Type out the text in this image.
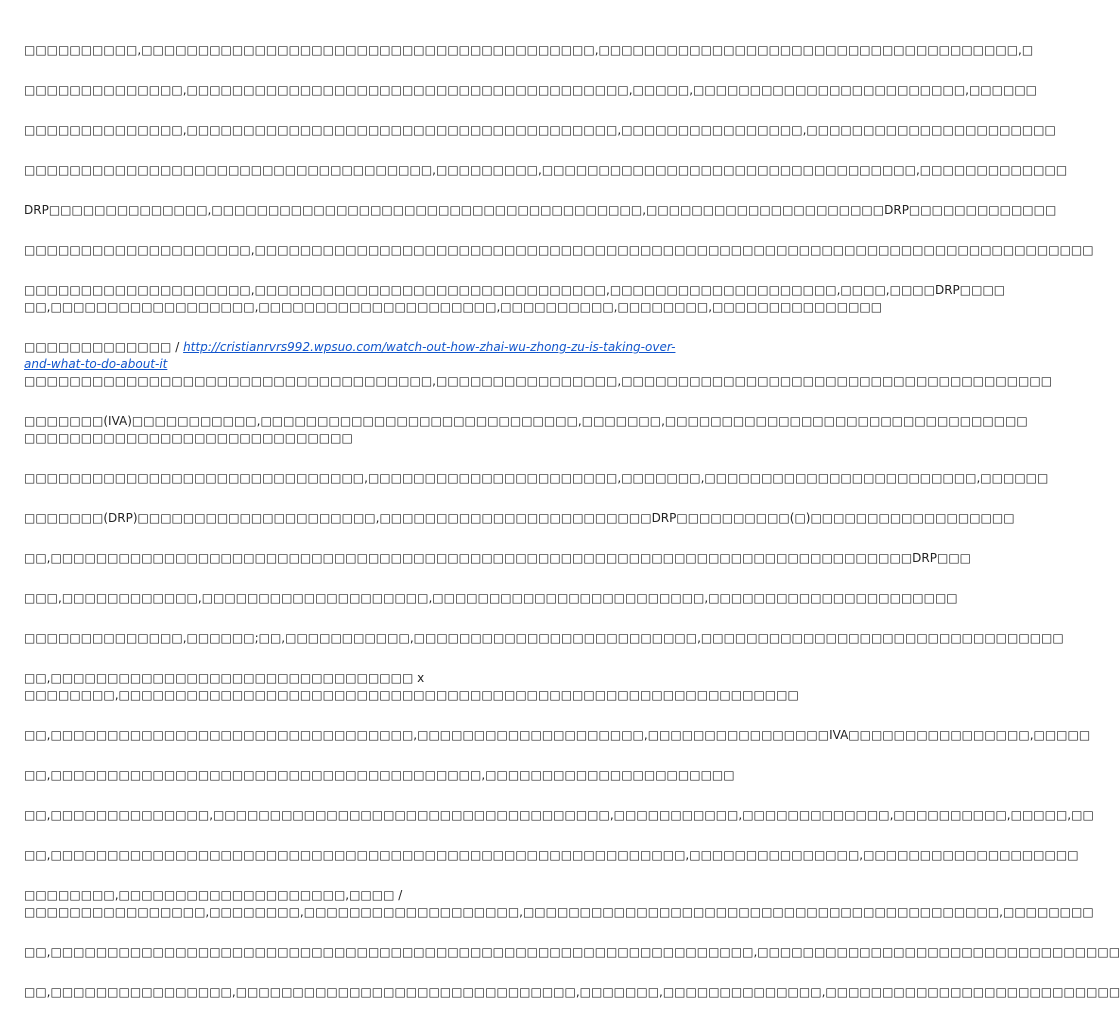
□□□□□□□□□□,□□□□□□□□□□□□□□□□□□□□□□□□□□□□□□□□□□□□□□□□,□□□□□□□□□□□□□□□□□□□□□□□□□□□□□□□□□□□□□,□

□□□□□□□□□□□□□□,□□□□□□□□□□□□□□□□□□□□□□□□□□□□□□□□□□□□□□□,□□□□□,□□□□□□□□□□□□□□□□□□□□□□□□,□□□□□□

□□□□□□□□□□□□□□,□□□□□□□□□□□□□□□□□□□□□□□□□□□□□□□□□□□□□□,□□□□□□□□□□□□□□□□,□□□□□□□□□□□□□□□□□□□□□□

□□□□□□□□□□□□□□□□□□□□□□□□□□□□□□□□□□□□,□□□□□□□□□,□□□□□□□□□□□□□□□□□□□□□□□□□□□□□□□□□,□□□□□□□□□□□□□

DRP□□□□□□□□□□□□□□,□□□□□□□□□□□□□□□□□□□□□□□□□□□□□□□□□□□□□□,□□□□□□□□□□□□□□□□□□□□□DRP□□□□□□□□□□□□□

□□□□□□□□□□□□□□□□□□□□,□□□□□□□□□□□□□□□□□□□□□□□□□□□□□□□□□□□□□□□□□□□□□□□□□□□□□□□□□□□□□□□□□□□□□□□□□□

□□□□□□□□□□□□□□□□□□□□,□□□□□□□□□□□□□□□□□□□□□□□□□□□□□□□,□□□□□□□□□□□□□□□□□□□□,□□□□,□□□□DRP□□□□
□□,□□□□□□□□□□□□□□□□□□,□□□□□□□□□□□□□□□□□□□□□,□□□□□□□□□□,□□□□□□□□,□□□□□□□□□□□□□□□

□□□□□□□□□□□□□ / http://cristianrvrs992.wpsuo.com/watch-out-how-zhai-wu-zhong-zu-is-taking-over-and-what-to-do-about-it
□□□□□□□□□□□□□□□□□□□□□□□□□□□□□□□□□□□□,□□□□□□□□□□□□□□□□,□□□□□□□□□□□□□□□□□□□□□□□□□□□□□□□□□□□□□□

□□□□□□□(IVA)□□□□□□□□□□□,□□□□□□□□□□□□□□□□□□□□□□□□□□□□,□□□□□□□,□□□□□□□□□□□□□□□□□□□□□□□□□□□□□□□□
□□□□□□□□□□□□□□□□□□□□□□□□□□□□□

□□□□□□□□□□□□□□□□□□□□□□□□□□□□□□,□□□□□□□□□□□□□□□□□□□□□□,□□□□□□□,□□□□□□□□□□□□□□□□□□□□□□□□,□□□□□□

□□□□□□□(DRP)□□□□□□□□□□□□□□□□□□□□□,□□□□□□□□□□□□□□□□□□□□□□□□DRP□□□□□□□□□□(□)□□□□□□□□□□□□□□□□□□

□□,□□□□□□□□□□□□□□□□□□□□□□□□□□□□□□□□□□□□□□□□□□□□□□□□□□□□□□□□□□□□□□□□□□□□□□□□□□□□DRP□□□

□□□,□□□□□□□□□□□□,□□□□□□□□□□□□□□□□□□□□,□□□□□□□□□□□□□□□□□□□□□□□□,□□□□□□□□□□□□□□□□□□□□□□

□□□□□□□□□□□□□□,□□□□□□;□□,□□□□□□□□□□□,□□□□□□□□□□□□□□□□□□□□□□□□□,□□□□□□□□□□□□□□□□□□□□□□□□□□□□□□□□

□□,□□□□□□□□□□□□□□□□□□□□□□□□□□□□□□□□ x
□□□□□□□□,□□□□□□□□□□□□□□□□□□□□□□□□□□□□□□□□□□□□□□□□□□□□□□□□□□□□□□□□□□□□

□□,□□□□□□□□□□□□□□□□□□□□□□□□□□□□□□□□,□□□□□□□□□□□□□□□□□□□□,□□□□□□□□□□□□□□□□IVA□□□□□□□□□□□□□□□□,□□□□□

□□,□□□□□□□□□□□□□□□□□□□□□□□□□□□□□□□□□□□□□□,□□□□□□□□□□□□□□□□□□□□□□

□□,□□□□□□□□□□□□□□,□□□□□□□□□□□□□□□□□□□□□□□□□□□□□□□□□□□,□□□□□□□□□□□,□□□□□□□□□□□□□,□□□□□□□□□□,□□□□□,□□

□□,□□□□□□□□□□□□□□□□□□□□□□□□□□□□□□□□□□□□□□□□□□□□□□□□□□□□□□□□,□□□□□□□□□□□□□□□,□□□□□□□□□□□□□□□□□□□

□□□□□□□□,□□□□□□□□□□□□□□□□□□□□,□□□□ /
□□□□□□□□□□□□□□□□,□□□□□□□□,□□□□□□□□□□□□□□□□□□□,□□□□□□□□□□□□□□□□□□□□□□□□□□□□□□□□□□□□□□□□□□,□□□□□□□□

□□,□□□□□□□□□□□□□□□□□□□□□□□□□□□□□□□□□□□□□□□□□□□□□□□□□□□□□□□□□□□□□□,□□□□□□□□□□□□□□□□□□□□□□□□□□□□□□□□

□□,□□□□□□□□□□□□□□□□,□□□□□□□□□□□□□□□□□□□□□□□□□□□□□□,□□□□□□□,□□□□□□□□□□□□□□,□□□□□□□□□□□□□□□□□□□□□□□□□□
